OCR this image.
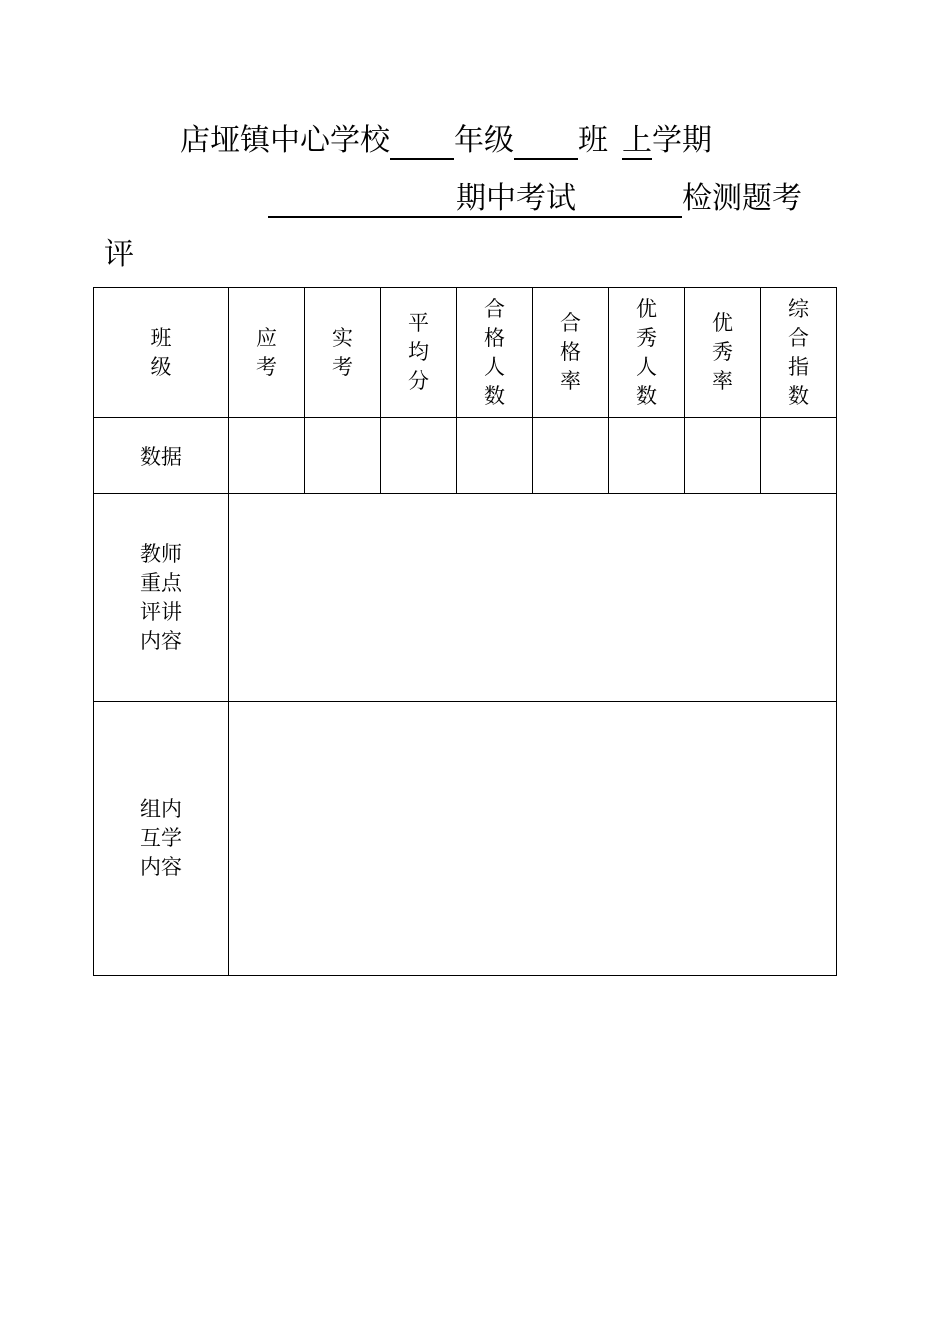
店垭镇中心学校 年级 班 上学期
期中考试	检测题考
评
班级	应考	实考	平均分	合格人数	合格率	优秀人数	优秀率	综合指数
数据								
教师重点评讲内容								
组内互学内容								
